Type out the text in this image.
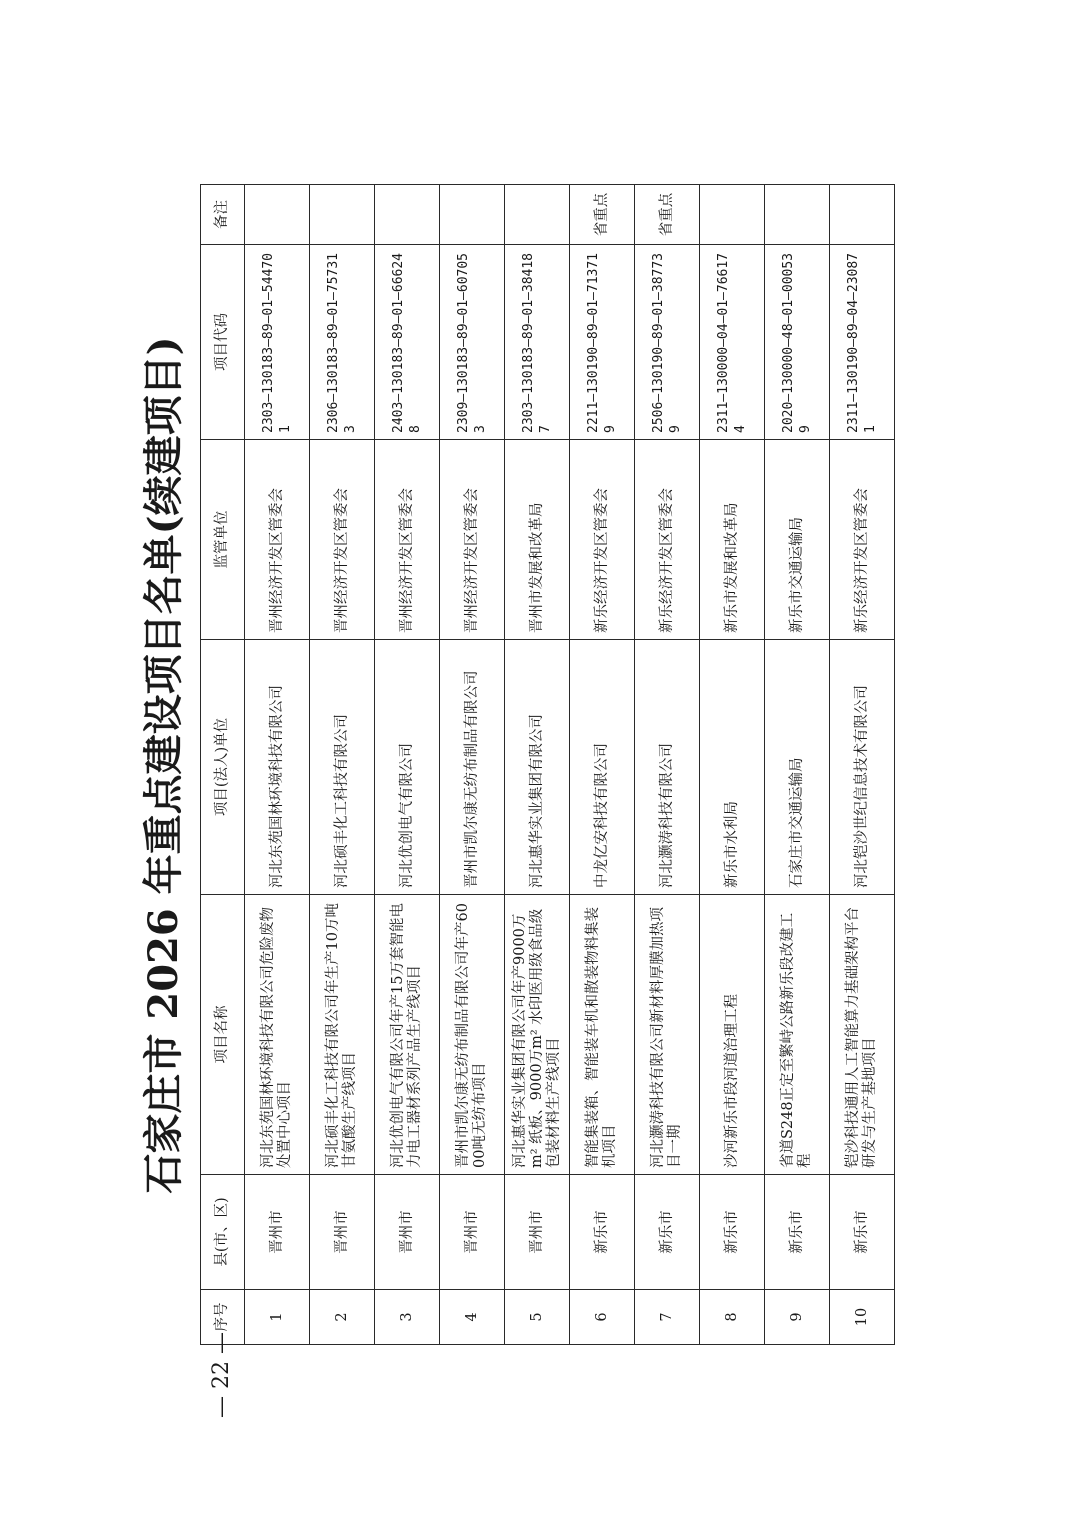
石家庄市 2026 年重点建设项目名单(续建项目)
序号	县(市、区)	项目名称	项目(法人)单位	监管单位	项目代码	备注
1	晋州市	河北东苑国林环境科技有限公司危险废物处置中心项目	河北东苑国林环境科技有限公司	晋州经济开发区管委会	2303—130183—89—01—544701	
2	晋州市	河北硕丰化工科技有限公司年生产10万吨甘氨酸生产线项目	河北硕丰化工科技有限公司	晋州经济开发区管委会	2306—130183—89—01—757313	
3	晋州市	河北优创电气有限公司年产15万套智能电力电工器材系列产品生产线项目	河北优创电气有限公司	晋州经济开发区管委会	2403—130183—89—01—666248	
4	晋州市	晋州市凯尔康无纺布制品有限公司年产6000吨无纺布项目	晋州市凯尔康无纺布制品有限公司	晋州经济开发区管委会	2309—130183—89—01—607053	
5	晋州市	河北惠华实业集团有限公司年产9000万m² 纸板、9000万m² 水印医用级食品级包装材料生产线项目	河北惠华实业集团有限公司	晋州市发展和改革局	2303—130183—89—01—384187	
6	新乐市	智能集装箱、智能装车机和散装物料集装机项目	中龙亿安科技有限公司	新乐经济开发区管委会	2211—130190—89—01—713719	省重点
7	新乐市	河北灏涛科技有限公司新材料厚膜加热项目一期	河北灏涛科技有限公司	新乐经济开发区管委会	2506—130190—89—01—387739	省重点
8	新乐市	沙河新乐市段河道治理工程	新乐市水利局	新乐市发展和改革局	2311—130000—04—01—766174	
9	新乐市	省道S248正定至繁峙公路新乐段改建工程	石家庄市交通运输局	新乐市交通运输局	2020—130000—48—01—000539	
10	新乐市	铠沙科技通用人工智能算力基础架构平台研发与生产基地项目	河北铠沙世纪信息技术有限公司	新乐经济开发区管委会	2311—130190—89—04—230871	
— 22 —
